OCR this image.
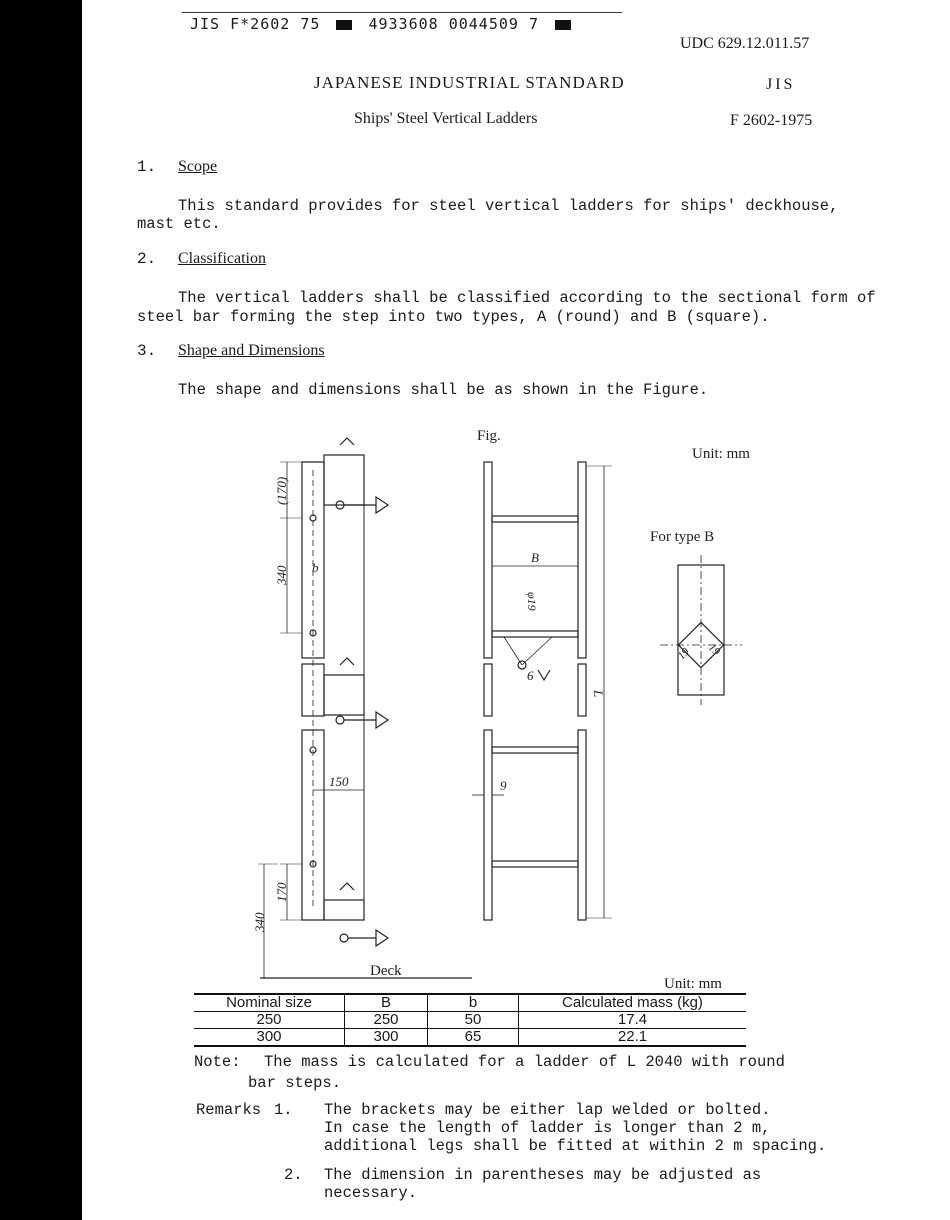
JIS F*2602 75	4933608 0044509 7
UDC 629.12.011.57
JAPANESE INDUSTRIAL STANDARD	JIS
Ships' Steel Vertical Ladders	F 2602-1975
1. Scope
This standard provides for steel vertical ladders for ships' deckhouse,
mast etc.
2. Classification
The vertical ladders shall be classified according to the sectional form of
steel bar forming the step into two types, A (round) and B (square).
3. Shape and Dimensions
The shape and dimensions shall be as shown in the Figure.
Fig.
Unit: mm
For type B
(170)
340 b
150
170
340
Deck
B
φ19
6
L
9
19 19
Unit: mm
Nominal size	B	b	Calculated mass (kg)
250	250	50	17.4
300	300	65	22.1
Note: The mass is calculated for a ladder of L 2040 with round
bar steps.
Remarks 1. The brackets may be either lap welded or bolted.
In case the length of ladder is longer than 2 m,
additional legs shall be fitted at within 2 m spacing.
2. The dimension in parentheses may be adjusted as
necessary.
